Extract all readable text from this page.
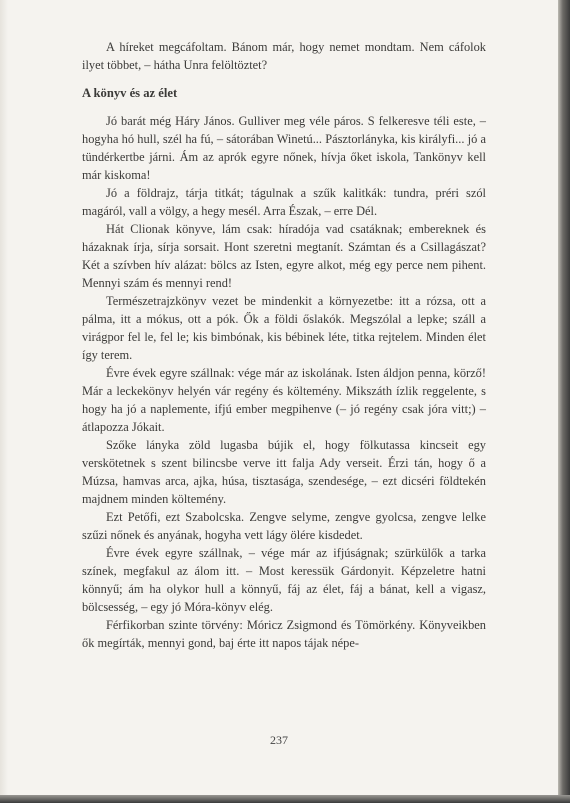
A híreket megcáfoltam. Bánom már, hogy nemet mondtam. Nem cáfolok ilyet többet, – hátha Unra felöltöztet?

A könyv és az élet

Jó barát még Háry János. Gulliver meg véle páros. S felkeresve téli este, – hogyha hó hull, szél ha fú, – sátorában Winetú... Pásztorlányka, kis királyfi... jó a tündérkertbe járni. Ám az aprók egyre nőnek, hívja őket iskola, Tankönyv kell már kiskoma!

Jó a földrajz, tárja titkát; tágulnak a szűk kalitkák: tundra, préri szól magáról, vall a völgy, a hegy mesél. Arra Észak, – erre Dél.

Hát Clionak könyve, lám csak: híradója vad csatáknak; embereknek és házaknak írja, sírja sorsait. Hont szeretni megtanít. Számtan és a Csillagászat? Két a szívben hív alázat: bölcs az Isten, egyre alkot, még egy perce nem pihent. Mennyi szám és mennyi rend!

Természetrajzkönyv vezet be mindenkit a környezetbe: itt a rózsa, ott a pálma, itt a mókus, ott a pók. Ők a földi őslakók. Megszólal a lepke; száll a virágpor fel le, fel le; kis bimbónak, kis bébinek léte, titka rejtelem. Minden élet így terem.

Évre évek egyre szállnak: vége már az iskolának. Isten áldjon penna, körző! Már a leckekönyv helyén vár regény és költemény. Mikszáth ízlik reggelente, s hogy ha jó a naplemente, ifjú ember megpihenve (– jó regény csak jóra vitt;) – átlapozza Jókait.

Szőke lányka zöld lugasba bújik el, hogy fölkutassa kincseit egy verskötetnek s szent bilincsbe verve itt falja Ady verseit. Érzi tán, hogy ő a Múzsa, hamvas arca, ajka, húsa, tisztasága, szendesége, – ezt dicséri földtekén majdnem minden költemény.

Ezt Petőfi, ezt Szabolcska. Zengve selyme, zengve gyolcsa, zengve lelke szűzi nőnek és anyának, hogyha vett lágy ölére kisdedet.

Évre évek egyre szállnak, – vége már az ifjúságnak; szürkülők a tarka színek, megfakul az álom itt. – Most keressük Gárdonyit. Képzeletre hatni könnyű; ám ha olykor hull a könnyű, fáj az élet, fáj a bánat, kell a vigasz, bölcsesség, – egy jó Móra-könyv elég.

Férfikorban szinte törvény: Móricz Zsigmond és Tömörkény. Könyveikben ők megírták, mennyi gond, baj érte itt napos tájak népe-

237
